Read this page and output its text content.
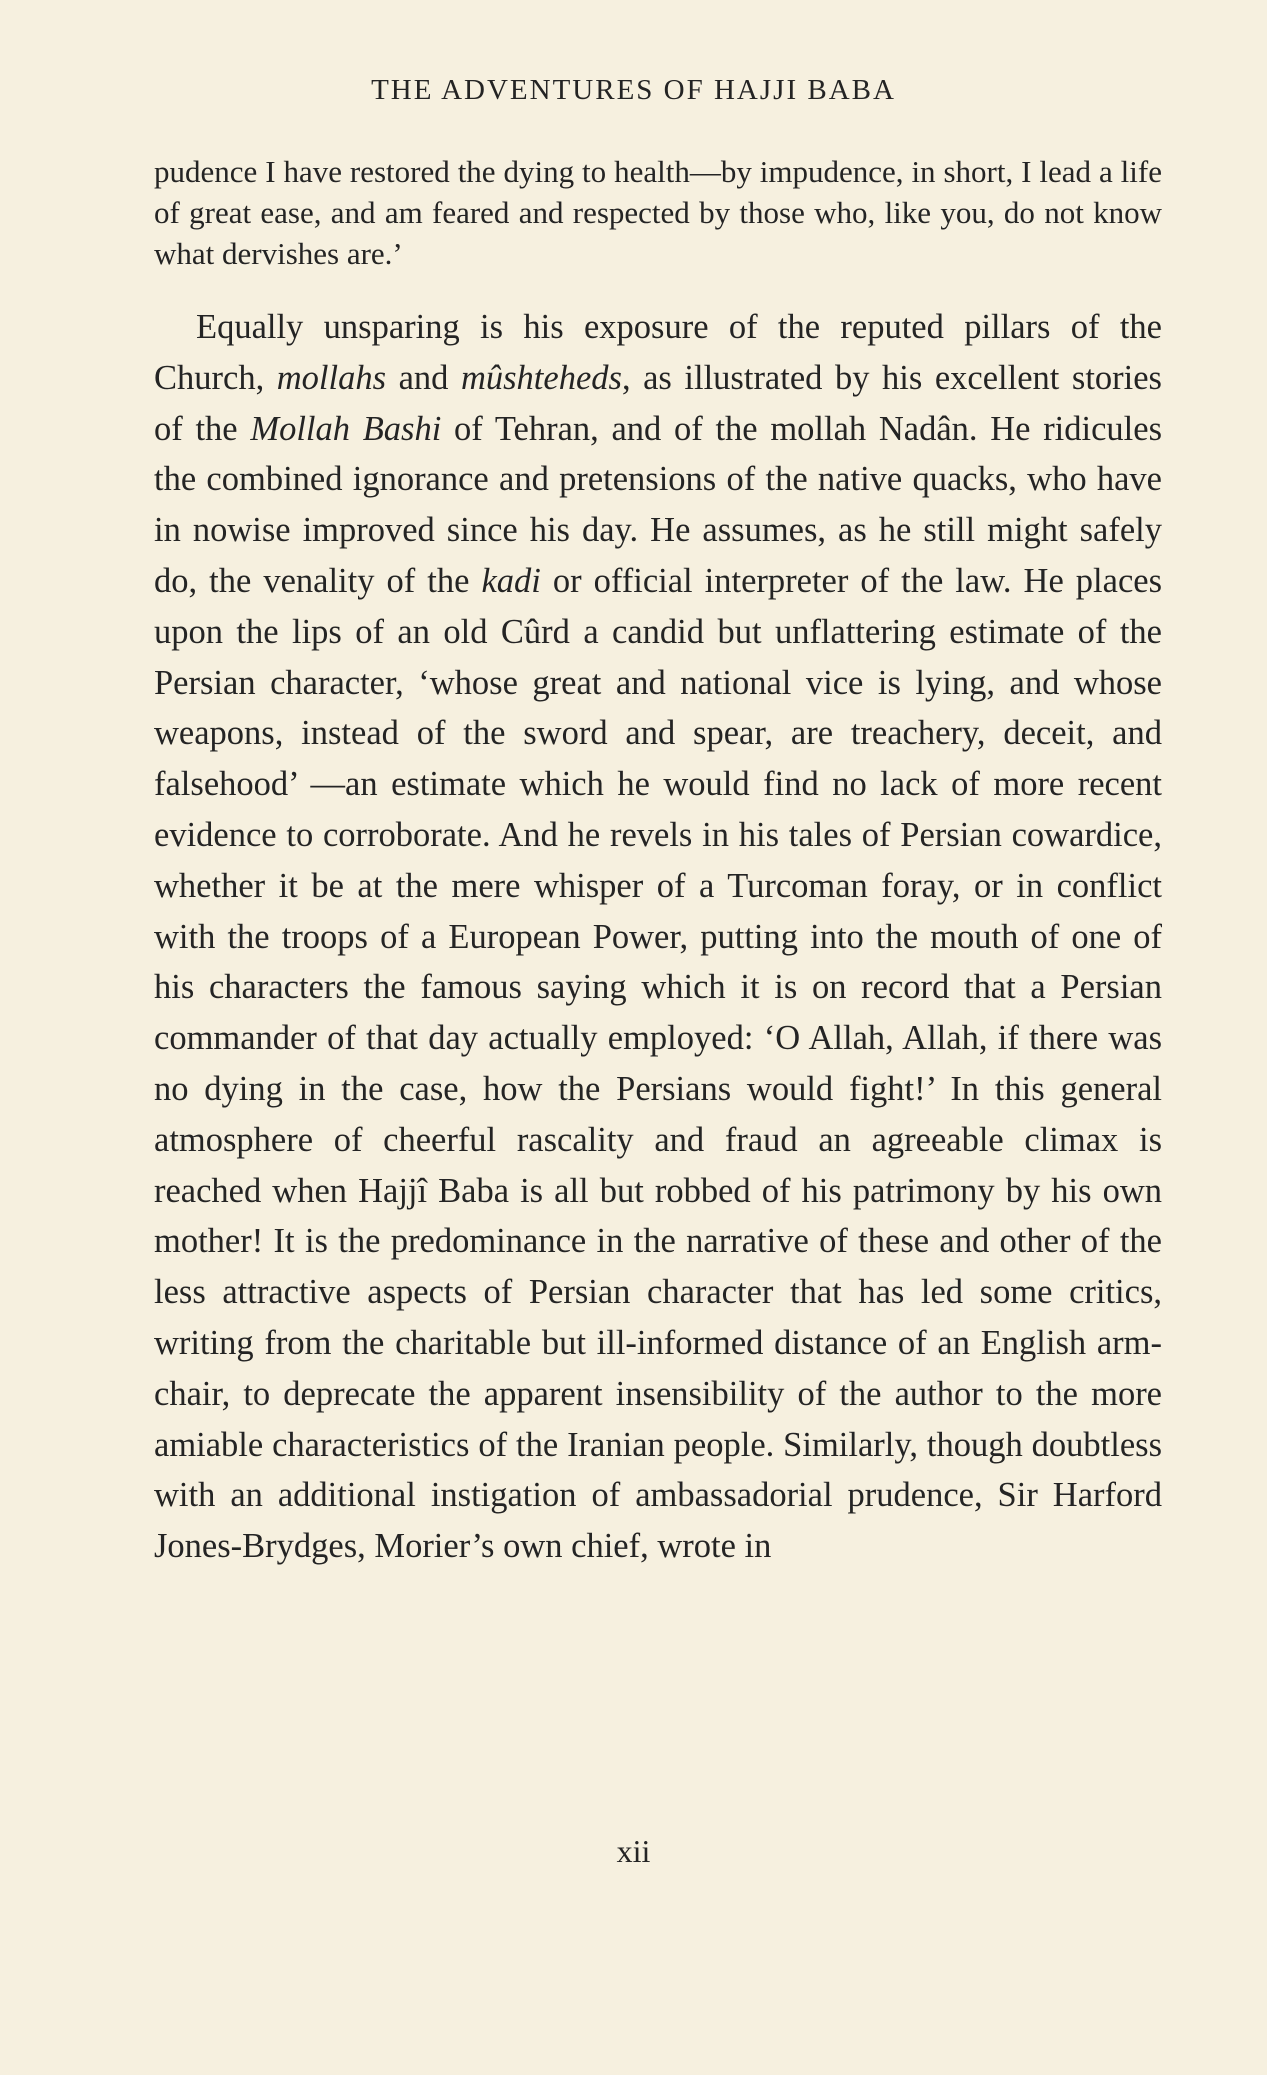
THE ADVENTURES OF HAJJI BABA
pudence I have restored the dying to health—by impudence, in short, I lead a life of great ease, and am feared and respected by those who, like you, do not know what dervishes are.’

Equally unsparing is his exposure of the reputed pillars of the Church, mollahs and mûshteheds, as illustrated by his excellent stories of the Mollah Bashi of Tehran, and of the mollah Nadân. He ridicules the combined ignorance and pretensions of the native quacks, who have in nowise improved since his day. He assumes, as he still might safely do, the venality of the kadi or official interpreter of the law. He places upon the lips of an old Cûrd a candid but unflattering estimate of the Persian character, ‘whose great and national vice is lying, and whose weapons, instead of the sword and spear, are treachery, deceit, and falsehood’ —an estimate which he would find no lack of more recent evidence to corroborate. And he revels in his tales of Persian cowardice, whether it be at the mere whisper of a Turcoman foray, or in conflict with the troops of a European Power, putting into the mouth of one of his characters the famous saying which it is on record that a Persian commander of that day actually employed: ‘O Allah, Allah, if there was no dying in the case, how the Persians would fight!’ In this general atmosphere of cheerful rascality and fraud an agreeable climax is reached when Hajjî Baba is all but robbed of his patrimony by his own mother! It is the predominance in the narrative of these and other of the less attractive aspects of Persian character that has led some critics, writing from the charitable but ill-informed distance of an English arm-chair, to deprecate the apparent insensibility of the author to the more amiable characteristics of the Iranian people. Similarly, though doubtless with an additional instigation of ambassadorial prudence, Sir Harford Jones-Brydges, Morier’s own chief, wrote in

xii
